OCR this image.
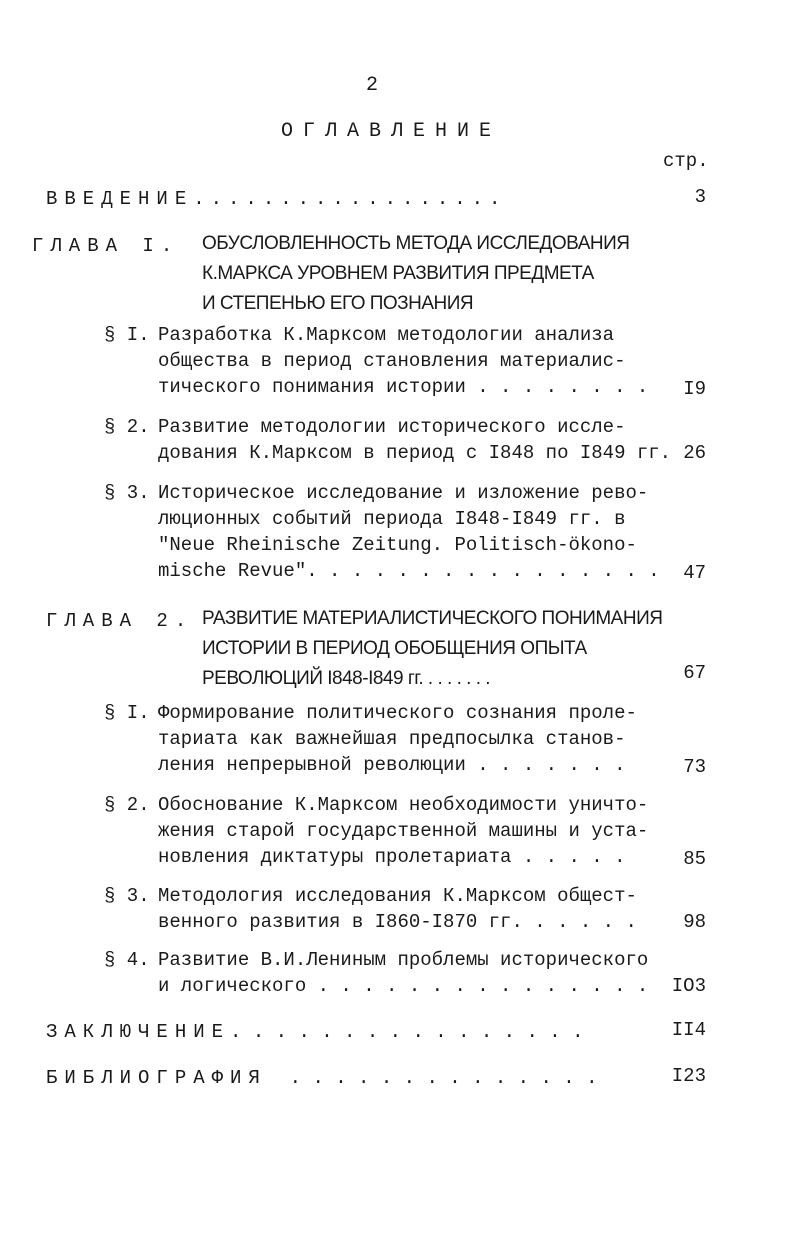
2
ОГЛАВЛЕНИЕ
стр.
ВВЕДЕНИЕ..................	3
ГЛАВА І. ОБУСЛОВЛЕННОСТЬ МЕТОДА ИССЛЕДОВАНИЯ
К.МАРКСА УРОВНЕМ РАЗВИТИЯ ПРЕДМЕТА
И СТЕПЕНЬЮ ЕГО ПОЗНАНИЯ
§ І. Разработка К.Марксом методологии анализа
общества в период становления материалис-
тического понимания истории . . . . . . . . І9
§ 2. Развитие методологии исторического иссле-
дования К.Марксом в период с І848 по І849 гг. 26
§ 3. Историческое исследование и изложение рево-
люционных событий периода І848-І849 гг. в
"Neue Rheinische Zeitung. Politisch-ökono-
mische Revue". . . . . . . . . . . . . . . . 47
ГЛАВА 2. РАЗВИТИЕ МАТЕРИАЛИСТИЧЕСКОГО ПОНИМАНИЯ
ИСТОРИИ В ПЕРИОД ОБОБЩЕНИЯ ОПЫТА
РЕВОЛЮЦИЙ І848-І849 гг. . . . . . . .	67
§ І. Формирование политического сознания проле-
тариата как важнейшая предпосылка станов-
ления непрерывной революции . . . . . . .	73
§ 2. Обоснование К.Марксом необходимости уничто-
жения старой государственной машины и уста-
новления диктатуры пролетариата . . . . .	85
§ 3. Методология исследования К.Марксом общест-
венного развития в І860-І870 гг. . . . . . 98
§ 4. Развитие В.И.Лениным проблемы исторического
и логического . . . . . . . . . . . . . . . ІО3
ЗАКЛЮЧЕНИЕ. . . . . . . . . . . . . . . .	ІІ4
БИБЛИОГРАФИЯ . . . . . . . . . . . . . .	І23
